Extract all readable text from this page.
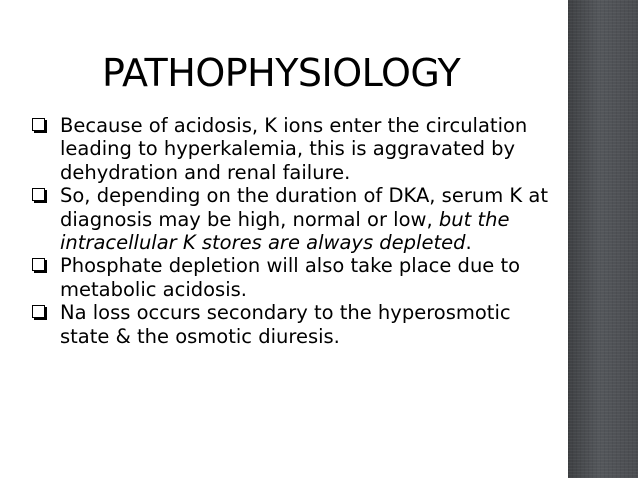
PATHOPHYSIOLOGY
Because of acidosis, K ions enter the circulation leading to hyperkalemia, this is aggravated by dehydration and renal failure.
So, depending on the duration of DKA, serum K at diagnosis may be high, normal or low, but the intracellular K stores are always depleted.
Phosphate depletion will also take place due to metabolic acidosis.
Na loss occurs secondary to the hyperosmotic state & the osmotic diuresis.
